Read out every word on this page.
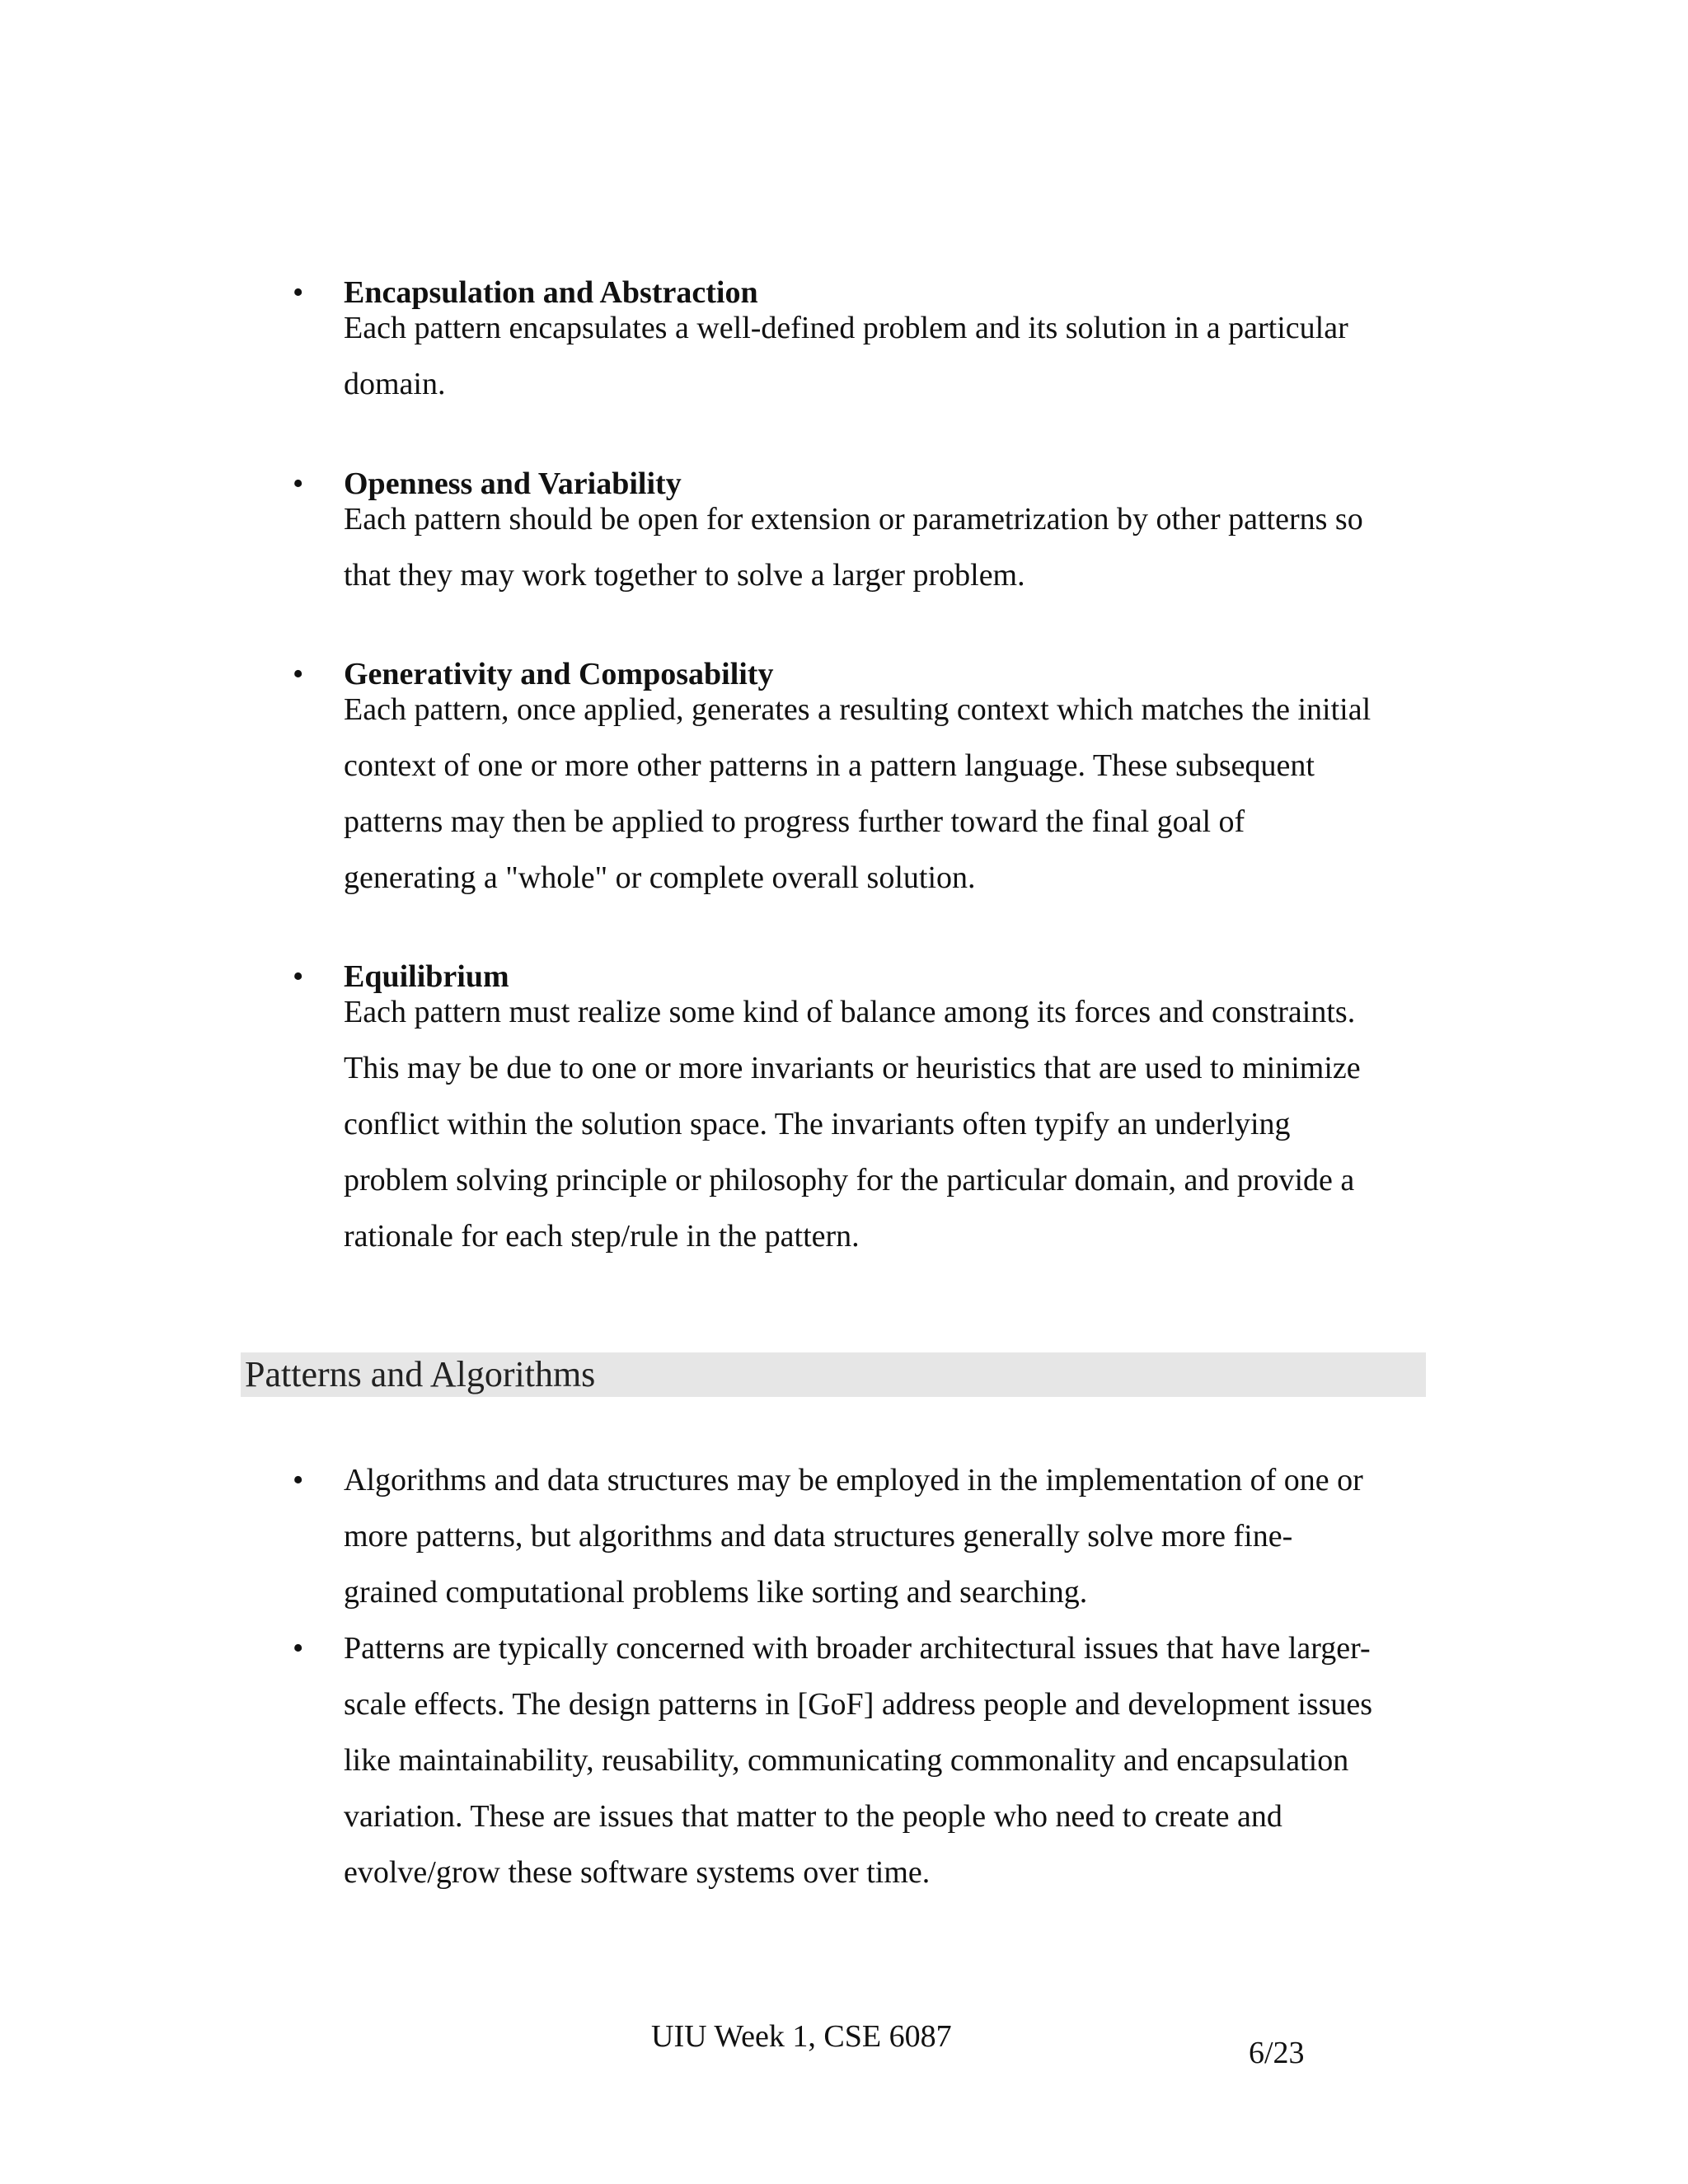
• Encapsulation and Abstraction
Each pattern encapsulates a well-defined problem and its solution in a particular
domain.
• Openness and Variability
Each pattern should be open for extension or parametrization by other patterns so
that they may work together to solve a larger problem.
• Generativity and Composability
Each pattern, once applied, generates a resulting context which matches the initial
context of one or more other patterns in a pattern language. These subsequent
patterns may then be applied to progress further toward the final goal of
generating a "whole" or complete overall solution.
• Equilibrium
Each pattern must realize some kind of balance among its forces and constraints.
This may be due to one or more invariants or heuristics that are used to minimize
conflict within the solution space. The invariants often typify an underlying
problem solving principle or philosophy for the particular domain, and provide a
rationale for each step/rule in the pattern.
Patterns and Algorithms
• Algorithms and data structures may be employed in the implementation of one or
more patterns, but algorithms and data structures generally solve more fine-
grained computational problems like sorting and searching.
• Patterns are typically concerned with broader architectural issues that have larger-
scale effects. The design patterns in [GoF] address people and development issues
like maintainability, reusability, communicating commonality and encapsulation
variation. These are issues that matter to the people who need to create and
evolve/grow these software systems over time.
UIU Week 1, CSE 6087	6/23
